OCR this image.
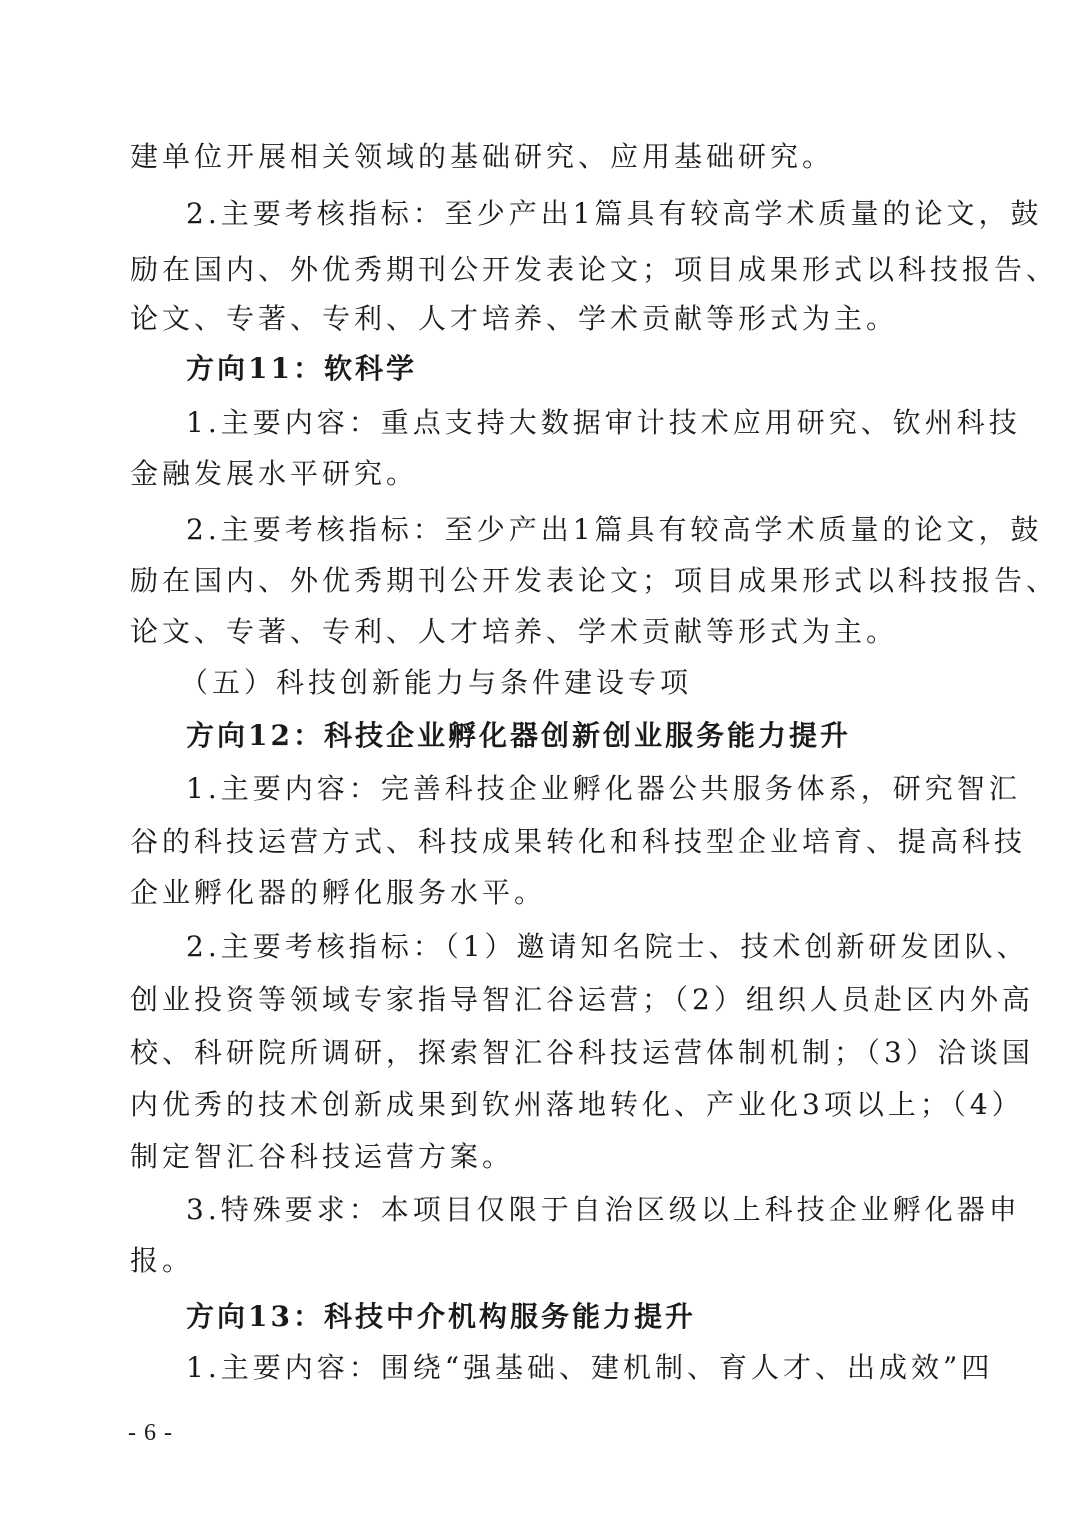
建单位开展相关领域的基础研究、应用基础研究。
2.主要考核指标：至少产出1篇具有较高学术质量的论文，鼓
励在国内、外优秀期刊公开发表论文；项目成果形式以科技报告、
论文、专著、专利、人才培养、学术贡献等形式为主。
方向11：软科学
1.主要内容：重点支持大数据审计技术应用研究、钦州科技
金融发展水平研究。
2.主要考核指标：至少产出1篇具有较高学术质量的论文，鼓
励在国内、外优秀期刊公开发表论文；项目成果形式以科技报告、
论文、专著、专利、人才培养、学术贡献等形式为主。
（五）科技创新能力与条件建设专项
方向12：科技企业孵化器创新创业服务能力提升
1.主要内容：完善科技企业孵化器公共服务体系，研究智汇
谷的科技运营方式、科技成果转化和科技型企业培育、提高科技
企业孵化器的孵化服务水平。
2.主要考核指标：（1）邀请知名院士、技术创新研发团队、
创业投资等领域专家指导智汇谷运营；（2）组织人员赴区内外高
校、科研院所调研，探索智汇谷科技运营体制机制；（3）洽谈国
内优秀的技术创新成果到钦州落地转化、产业化3项以上；（4）
制定智汇谷科技运营方案。
3.特殊要求：本项目仅限于自治区级以上科技企业孵化器申
报。
方向13：科技中介机构服务能力提升
1.主要内容：围绕“强基础、建机制、育人才、出成效”四
- 6 -
